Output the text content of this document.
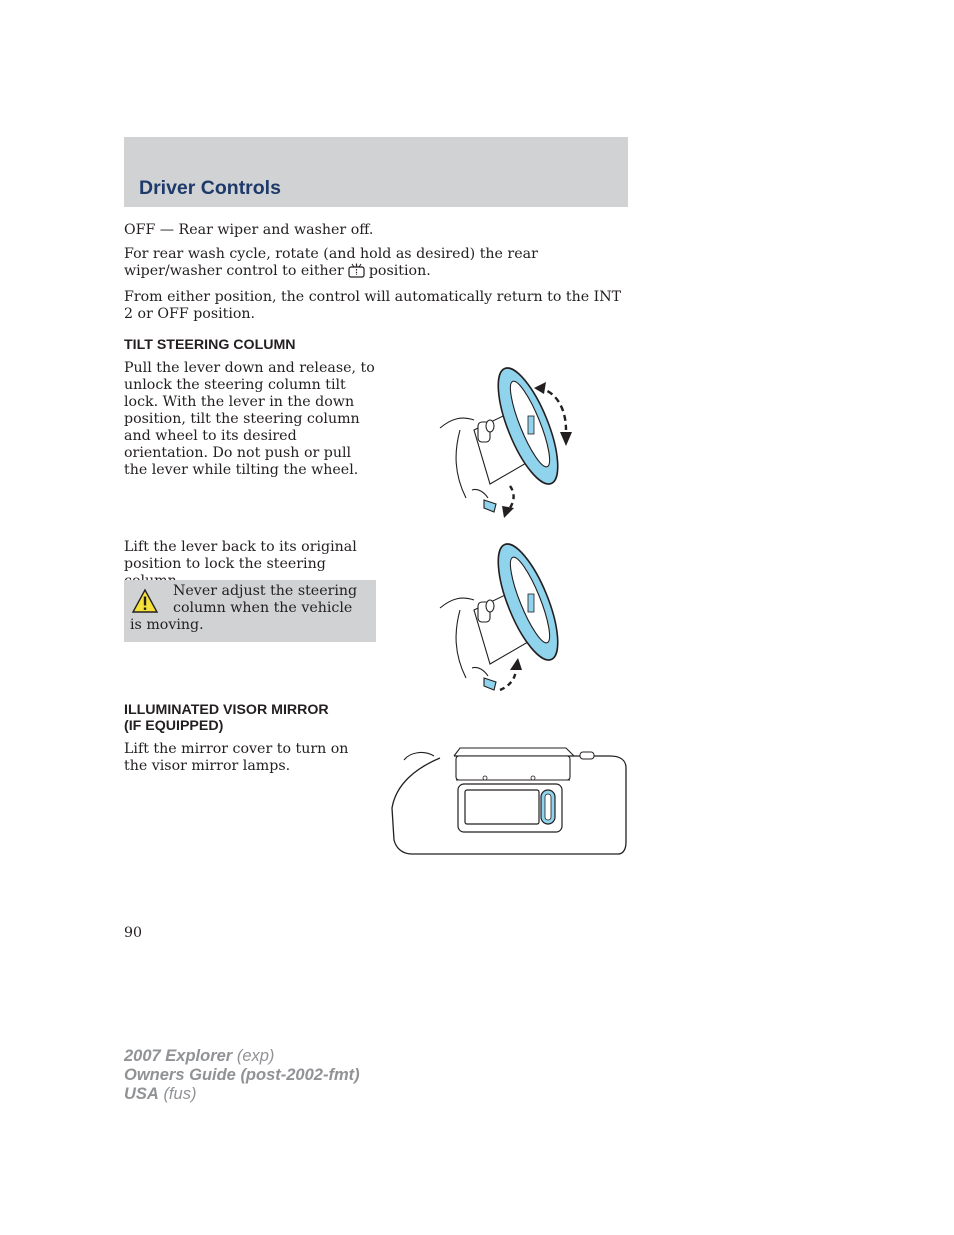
Driver Controls

OFF — Rear wiper and washer off.

For rear wash cycle, rotate (and hold as desired) the rear wiper/washer control to either position.

From either position, the control will automatically return to the INT 2 or OFF position.

TILT STEERING COLUMN

Pull the lever down and release, to unlock the steering column tilt lock. With the lever in the down position, tilt the steering column and wheel to its desired orientation. Do not push or pull the lever while tilting the wheel.

Lift the lever back to its original position to lock the steering

Never adjust the steering column when the vehicle is moving.

ILLUMINATED VISOR MIRROR
(IF EQUIPPED)

Lift the mirror cover to turn on the visor mirror lamps.

90
2007 Explorer (exp)
Owners Guide (post-2002-fmt)
USA (fus)
